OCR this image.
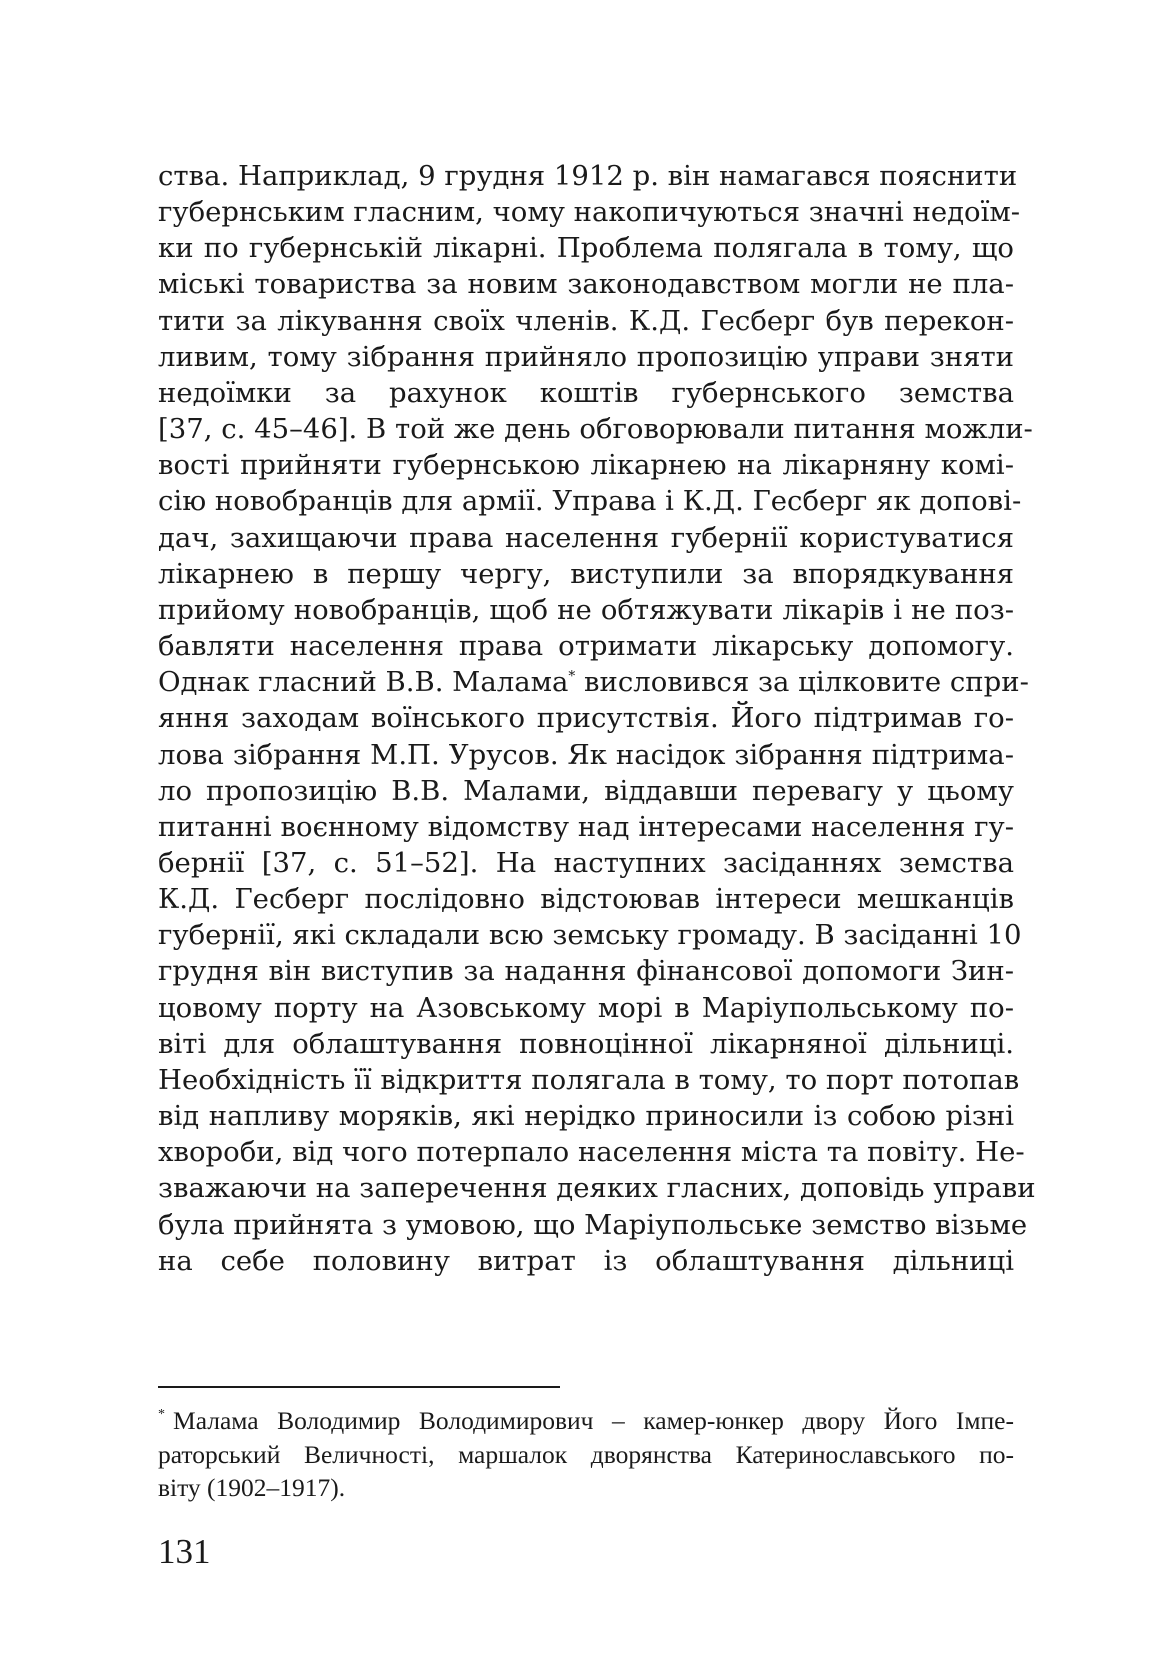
ства. Наприклад, 9 грудня 1912 р. він намагався пояснити
губернським гласним, чому накопичуються значні недоїм-
ки по губернській лікарні. Проблема полягала в тому, що
міські товариства за новим законодавством могли не пла-
тити за лікування своїх членів. К.Д. Гесберг був перекон-
ливим, тому зібрання прийняло пропозицію управи зняти
недоїмки за рахунок коштів губернського земства
[37, с. 45–46]. В той же день обговорювали питання можли-
вості прийняти губернською лікарнею на лікарняну комі-
сію новобранців для армії. Управа і К.Д. Гесберг як доповi-
дач, захищаючи права населення губернії користуватися
лікарнею в першу чергу, виступили за впорядкування
прийому новобранців, щоб не обтяжувати лікарів і не поз-
бавляти населення права отримати лікарську допомогу.
Однак гласний В.В. Малама* висловився за цілковите спри-
яння заходам воїнського присутствія. Його підтримав го-
лова зібрання М.П. Урусов. Як насідок зібрання підтрима-
ло пропозицію В.В. Малами, віддавши перевагу у цьому
питанні воєнному відомству над інтересами населення гу-
бернії [37, с. 51–52]. На наступних засіданнях земства
К.Д. Гесберг послідовно відстоював інтереси мешканців
губернії, які складали всю земську громаду. В засіданні 10
грудня він виступив за надання фінансової допомоги Зин-
цовому порту на Азовському морі в Маріупольському по-
віті для облаштування повноцінної лікарняної дільниці.
Необхідність її відкриття полягала в тому, то порт потопав
від напливу моряків, які нерідко приносили із собою різні
хвороби, від чого потерпало населення міста та повіту. Не-
зважаючи на заперечення деяких гласних, доповідь управи
була прийнята з умовою, що Маріупольське земство візьме
на себе половину витрат із облаштування дільниці
* Малама Володимир Володимирович – камер-юнкер двору Його Імпе-
раторський Величності, маршалок дворянства Катеринославського по-
віту (1902–1917).
131
